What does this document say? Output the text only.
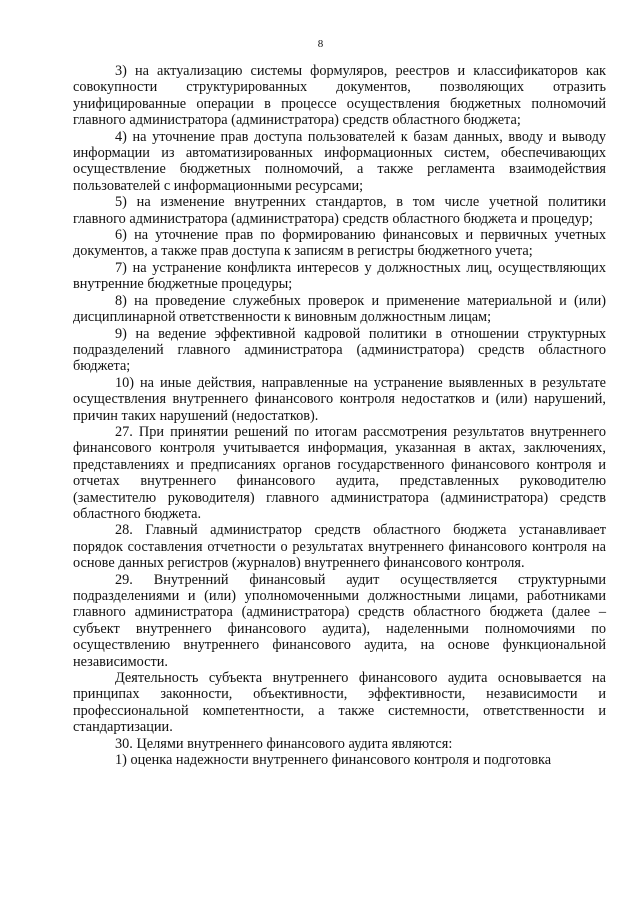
8

3) на актуализацию системы формуляров, реестров и классификаторов как совокупности структурированных документов, позволяющих отразить унифицированные операции в процессе осуществления бюджетных полномочий главного администратора (администратора) средств областного бюджета;

4) на уточнение прав доступа пользователей к базам данных, вводу и выводу информации из автоматизированных информационных систем, обеспечивающих осуществление бюджетных полномочий, а также регламента взаимодействия пользователей с информационными ресурсами;

5) на изменение внутренних стандартов, в том числе учетной политики главного администратора (администратора) средств областного бюджета и процедур;

6) на уточнение прав по формированию финансовых и первичных учетных документов, а также прав доступа к записям в регистры бюджетного учета;

7) на устранение конфликта интересов у должностных лиц, осуществляющих внутренние бюджетные процедуры;

8) на проведение служебных проверок и применение материальной и (или) дисциплинарной ответственности к виновным должностным лицам;

9) на ведение эффективной кадровой политики в отношении структурных подразделений главного администратора (администратора) средств областного бюджета;

10) на иные действия, направленные на устранение выявленных в результате осуществления внутреннего финансового контроля недостатков и (или) нарушений, причин таких нарушений (недостатков).

27. При принятии решений по итогам рассмотрения результатов внутреннего финансового контроля учитывается информация, указанная в актах, заключениях, представлениях и предписаниях органов государственного финансового контроля и отчетах внутреннего финансового аудита, представленных руководителю (заместителю руководителя) главного администратора (администратора) средств областного бюджета.

28. Главный администратор средств областного бюджета устанавливает порядок составления отчетности о результатах внутреннего финансового контроля на основе данных регистров (журналов) внутреннего финансового контроля.

29. Внутренний финансовый аудит осуществляется структурными подразделениями и (или) уполномоченными должностными лицами, работниками главного администратора (администратора) средств областного бюджета (далее – субъект внутреннего финансового аудита), наделенными полномочиями по осуществлению внутреннего финансового аудита, на основе функциональной независимости.

Деятельность субъекта внутреннего финансового аудита основывается на принципах законности, объективности, эффективности, независимости и профессиональной компетентности, а также системности, ответственности и стандартизации.

30. Целями внутреннего финансового аудита являются:

1) оценка надежности внутреннего финансового контроля и подготовка
